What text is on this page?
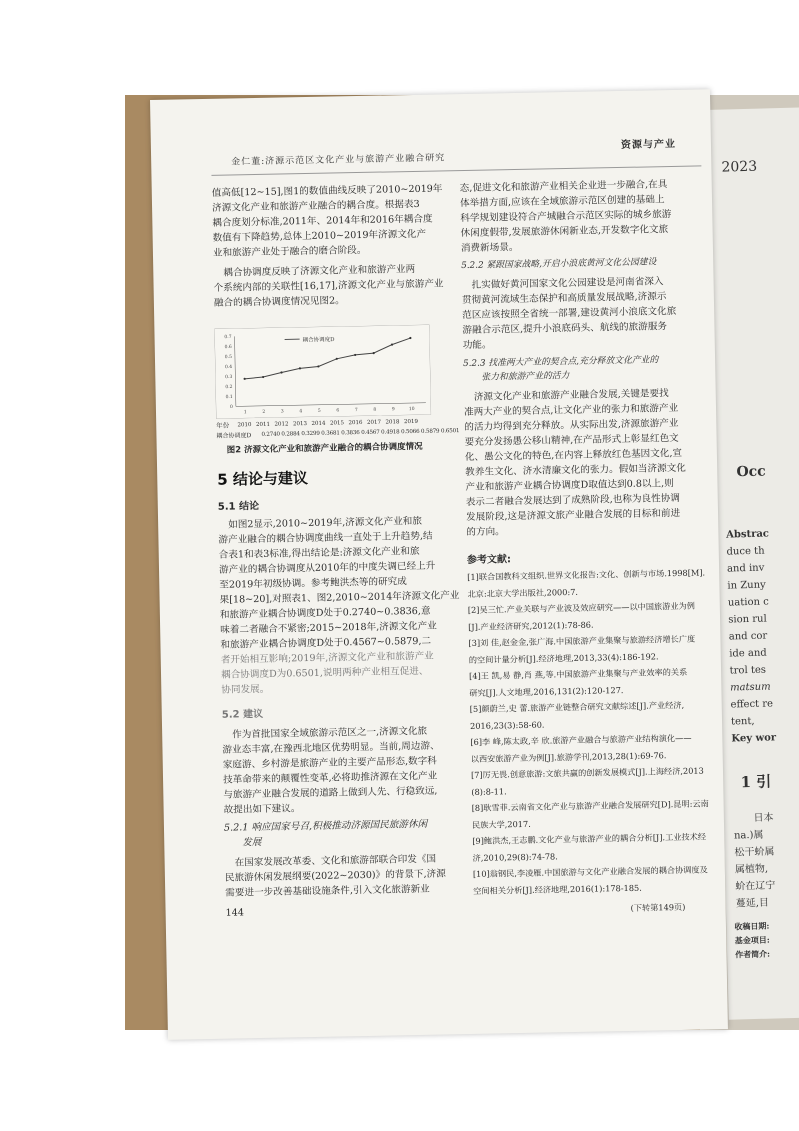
2023
Occ
Abstrac
duce th
and inv
in Zuny
uation c
sion rul
and cor
ide and
trol tes
matsum
effect re
tent,
Key wor
1 引
日本
na.)属
松干蚧属
属植物,
蚧在辽宁
蔓延,目
收稿日期:
基金项目:
作者简介:
金仁董:济源示范区文化产业与旅游产业融合研究
资源与产业
值高低[12~15],图1的数值曲线反映了2010~2019年
济源文化产业和旅游产业融合的耦合度。根据表3
耦合度划分标准,2011年、2014年和2016年耦合度
数值有下降趋势,总体上2010~2019年济源文化产
业和旅游产业处于融合的磨合阶段。
耦合协调度反映了济源文化产业和旅游产业两
个系统内部的关联性[16,17],济源文化产业与旅游产业
融合的耦合协调度情况见图2。
耦合协调度D
0
0.1
0.2
0.3
0.4
0.5
0.6
0.7
1	2	3	4	5	6	7	8	9	10
年份 2010 2011 2012 2013 2014 2015 2016 2017 2018 2019
耦合协调度D 0.2740 0.2884 0.3299 0.3681 0.3836 0.4567 0.4918 0.5066 0.5879 0.6501
图2 济源文化产业和旅游产业融合的耦合协调度情况
5 结论与建议
5.1 结论
如图2显示,2010~2019年,济源文化产业和旅
游产业融合的耦合协调度曲线一直处于上升趋势,结
合表1和表3标准,得出结论是:济源文化产业和旅
游产业的耦合协调度从2010年的中度失调已经上升
至2019年初级协调。参考鲍洪杰等的研究成
果[18~20],对照表1、图2,2010~2014年济源文化产业
和旅游产业耦合协调度D处于0.2740~0.3836,意
味着二者融合不紧密;2015~2018年,济源文化产业
和旅游产业耦合协调度D处于0.4567~0.5879,二
者开始相互影响;2019年,济源文化产业和旅游产业
耦合协调度D为0.6501,说明两种产业相互促进、
协同发展。
5.2 建议
作为首批国家全域旅游示范区之一,济源文化旅
游业态丰富,在豫西北地区优势明显。当前,周边游、
家庭游、乡村游是旅游产业的主要产品形态,数字科
技革命带来的颠覆性变革,必将助推济源在文化产业
与旅游产业融合发展的道路上做到人先、行稳致远,
故提出如下建议。
5.2.1 响应国家号召,积极推动济源国民旅游休闲
发展
在国家发展改革委、文化和旅游部联合印发《国
民旅游休闲发展纲要(2022~2030)》的背景下,济源
需要进一步改善基础设施条件,引入文化旅游新业
144
态,促进文化和旅游产业相关企业进一步融合,在具
体举措方面,应该在全域旅游示范区创建的基础上
科学规划建设符合产城融合示范区实际的城乡旅游
休闲度假带,发展旅游休闲新业态,开发数字化文旅
消费新场景。
5.2.2 紧跟国家战略,开启小浪底黄河文化公园建设
扎实做好黄河国家文化公园建设是河南省深入
贯彻黄河流域生态保护和高质量发展战略,济源示
范区应该按照全省统一部署,建设黄河小浪底文化旅
游融合示范区,提升小浪底码头、航线的旅游服务
功能。
5.2.3 找准两大产业的契合点,充分释放文化产业的
张力和旅游产业的活力
济源文化产业和旅游产业融合发展,关键是要找
准两大产业的契合点,让文化产业的张力和旅游产业
的活力均得到充分释放。从实际出发,济源旅游产业
要充分发扬愚公移山精神,在产品形式上彰显红色文
化、愚公文化的特色,在内容上释放红色基因文化,宣
教养生文化、济水清廉文化的张力。假如当济源文化
产业和旅游产业耦合协调度D取值达到0.8以上,则
表示二者融合发展达到了成熟阶段,也称为良性协调
发展阶段,这是济源文旅产业融合发展的目标和前进
的方向。
参考文献:
[1]联合国教科文组织.世界文化报告:文化、创新与市场.1998[M].
北京:北京大学出版社,2000:7.
[2]吴三忙.产业关联与产业波及效应研究——以中国旅游业为例
[J].产业经济研究,2012(1):78-86.
[3]刘 佳,赵金金,张广海.中国旅游产业集聚与旅游经济增长广度
的空间计量分析[J].经济地理,2013,33(4):186-192.
[4]王 凯,易 静,肖 燕,等.中国旅游产业集聚与产业效率的关系
研究[J].人文地理,2016,131(2):120-127.
[5]颜蔚兰,史 蕾.旅游产业链整合研究文献综述[J].产业经济,
2016,23(3):58-60.
[6]李 峰,陈太政,辛 欣.旅游产业融合与旅游产业结构演化——
以西安旅游产业为例[J].旅游学刊,2013,28(1):69-76.
[7]厉无畏.创意旅游:文旅共赢的创新发展模式[J].上海经济,2013
(8):8-11.
[8]耿雪菲.云南省文化产业与旅游产业融合发展研究[D].昆明:云南
民族大学,2017.
[9]鲍洪杰,王志鹏.文化产业与旅游产业的耦合分析[J].工业技术经
济,2010,29(8):74-78.
[10]翁钢民,李凌雁.中国旅游与文化产业融合发展的耦合协调度及
空间相关分析[J].经济地理,2016(1):178-185.
(下转第149页)
